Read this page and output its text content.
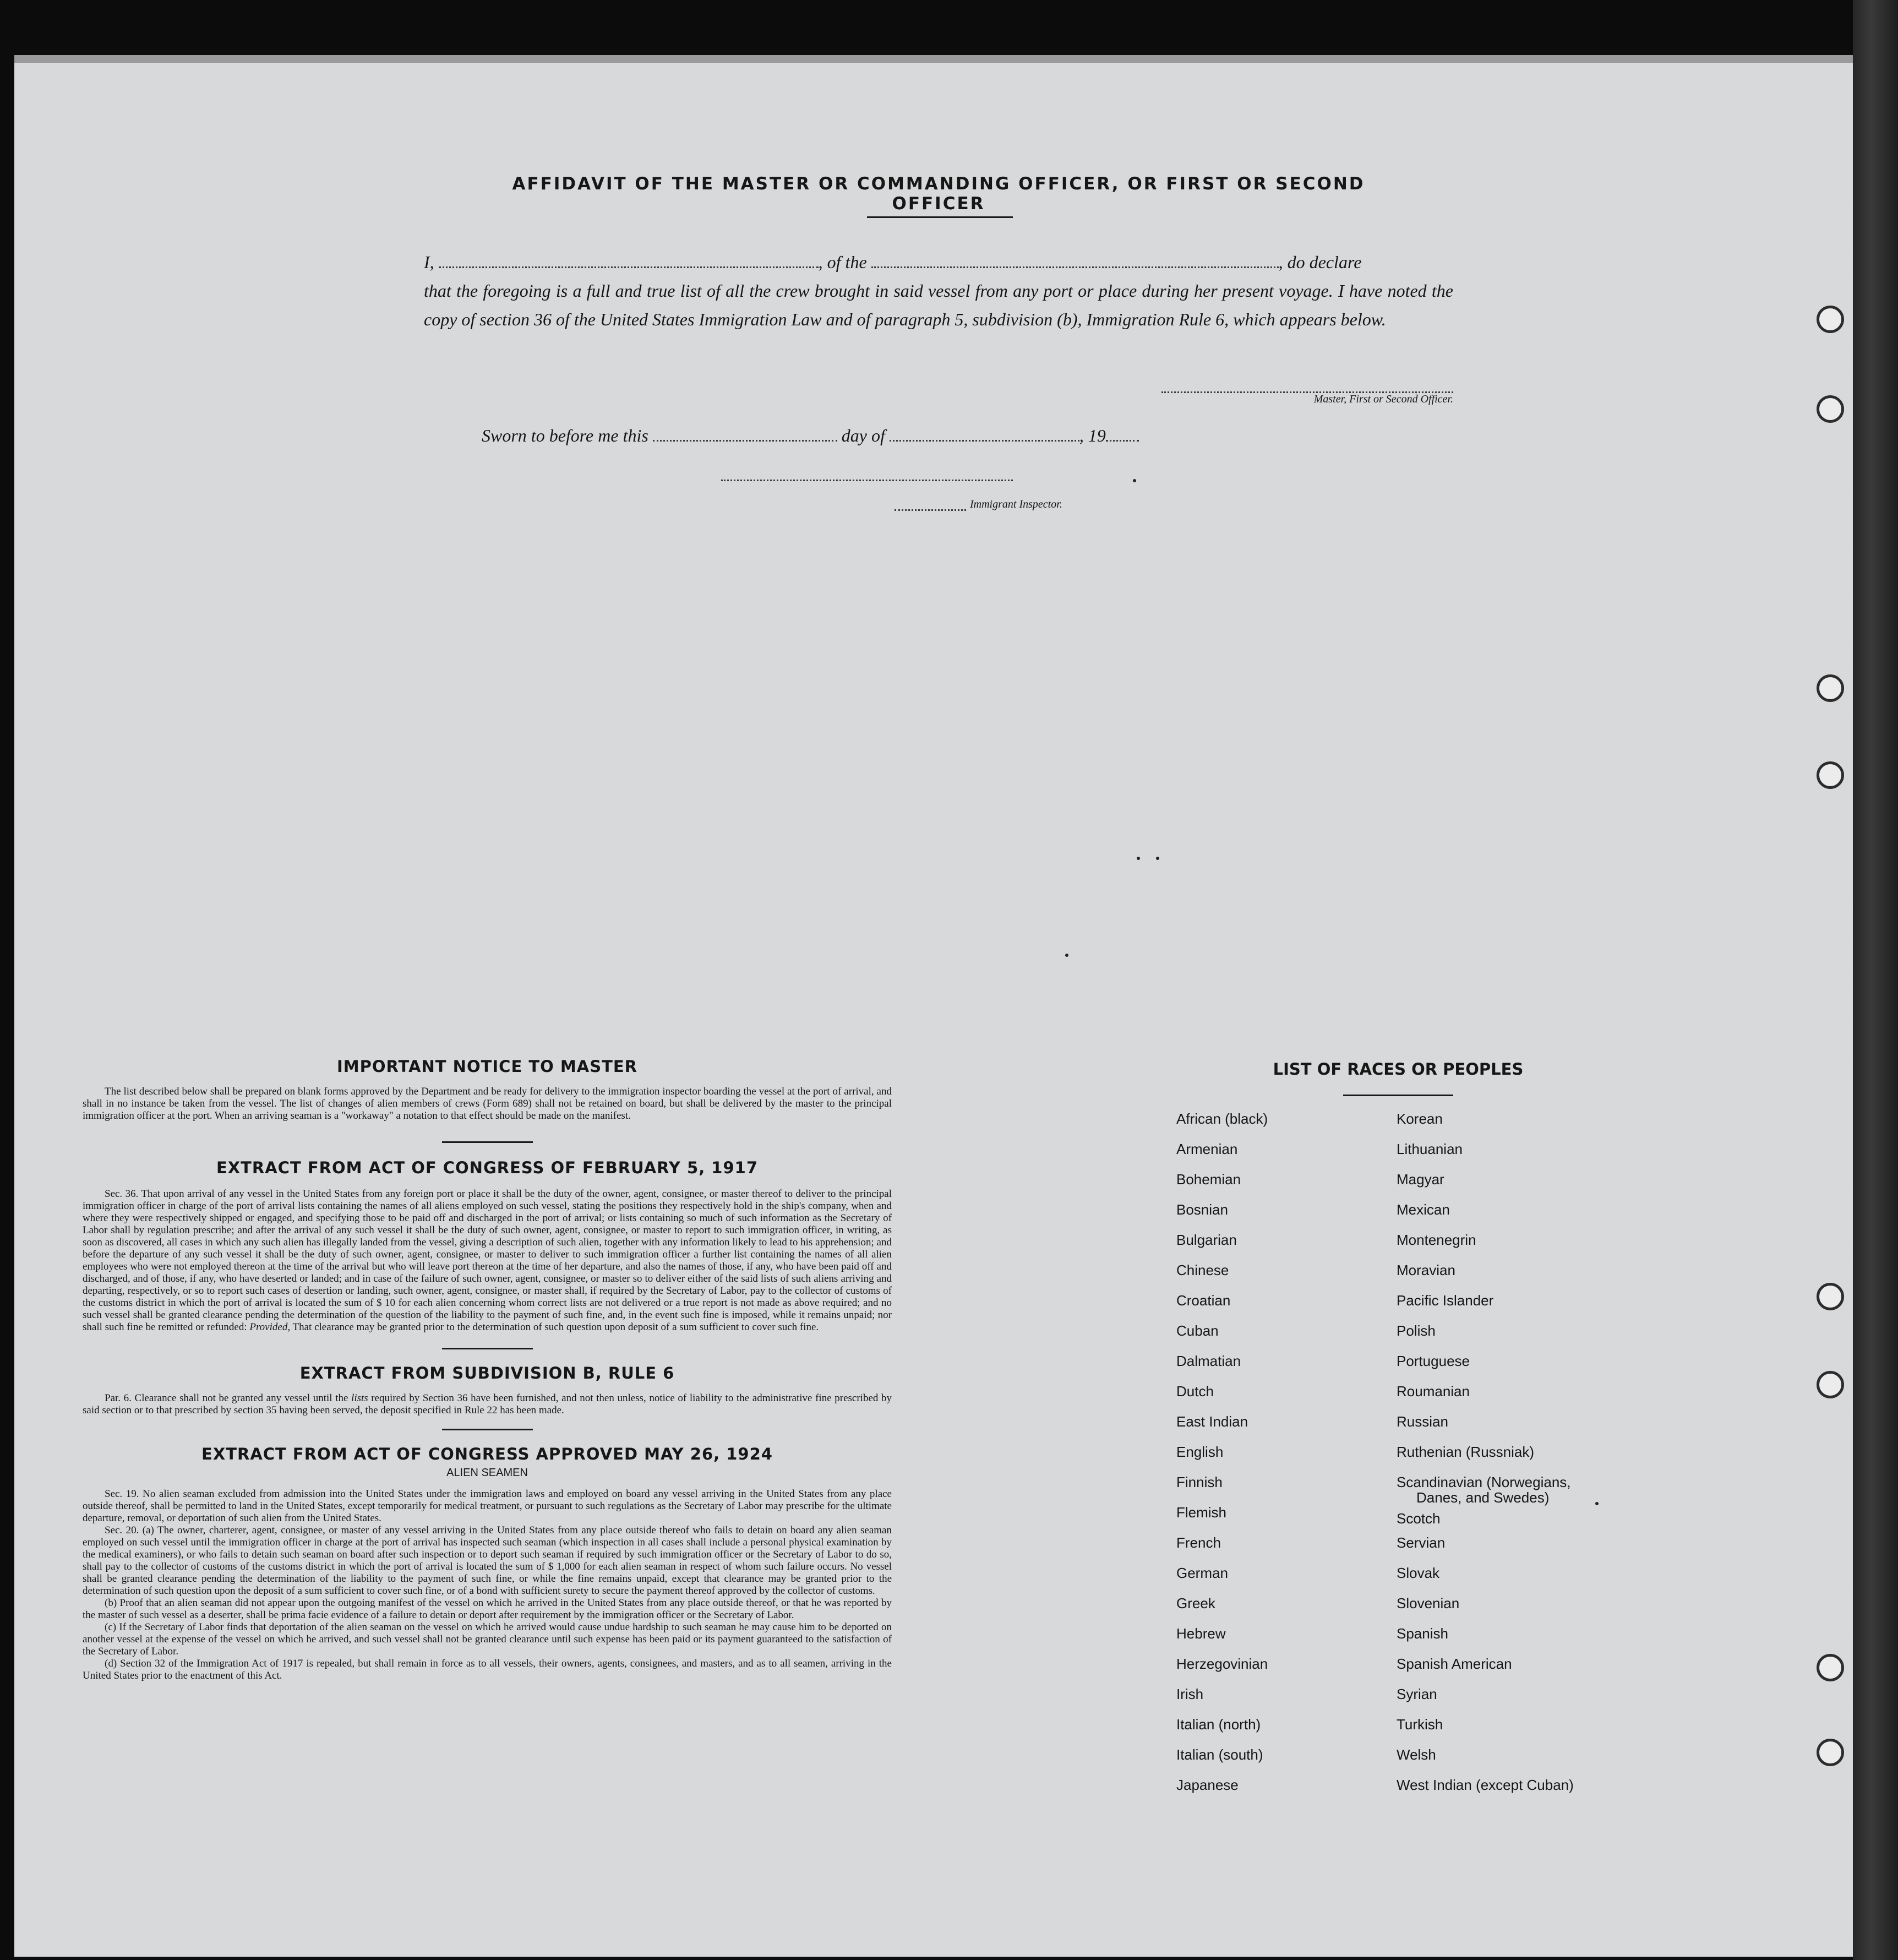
AFFIDAVIT OF THE MASTER OR COMMANDING OFFICER, OR FIRST OR SECOND OFFICER
I,	, of the	, do declare
that the foregoing is a full and true list of all the crew brought in said vessel from any port or place during her present voyage. I have noted the copy of section 36 of the United States Immigration Law and of paragraph 5, subdivision (b), Immigration Rule 6, which appears below.
Master, First or Second Officer.
Sworn to before me this	day of	, 19
Immigrant Inspector.
IMPORTANT NOTICE TO MASTER

The list described below shall be prepared on blank forms approved by the Department and be ready for delivery to the immigration inspector boarding the vessel at the port of arrival, and shall in no instance be taken from the vessel. The list of changes of alien members of crews (Form 689) shall not be retained on board, but shall be delivered by the master to the principal immigration officer at the port. When an arriving seaman is a "workaway" a notation to that effect should be made on the manifest.

EXTRACT FROM ACT OF CONGRESS OF FEBRUARY 5, 1917

Sec. 36. That upon arrival of any vessel in the United States from any foreign port or place it shall be the duty of the owner, agent, consignee, or master thereof to deliver to the principal immigration officer in charge of the port of arrival lists containing the names of all aliens employed on such vessel, stating the positions they respectively hold in the ship's company, when and where they were respectively shipped or engaged, and specifying those to be paid off and discharged in the port of arrival; or lists containing so much of such information as the Secretary of Labor shall by regulation prescribe; and after the arrival of any such vessel it shall be the duty of such owner, agent, consignee, or master to report to such immigration officer, in writing, as soon as discovered, all cases in which any such alien has illegally landed from the vessel, giving a description of such alien, together with any information likely to lead to his apprehension; and before the departure of any such vessel it shall be the duty of such owner, agent, consignee, or master to deliver to such immigration officer a further list containing the names of all alien employees who were not employed thereon at the time of the arrival but who will leave port thereon at the time of her departure, and also the names of those, if any, who have been paid off and discharged, and of those, if any, who have deserted or landed; and in case of the failure of such owner, agent, consignee, or master so to deliver either of the said lists of such aliens arriving and departing, respectively, or so to report such cases of desertion or landing, such owner, agent, consignee, or master shall, if required by the Secretary of Labor, pay to the collector of customs of the customs district in which the port of arrival is located the sum of $ 10 for each alien concerning whom correct lists are not delivered or a true report is not made as above required; and no such vessel shall be granted clearance pending the determination of the question of the liability to the payment of such fine, and, in the event such fine is imposed, while it remains unpaid; nor shall such fine be remitted or refunded: Provided, That clearance may be granted prior to the determination of such question upon deposit of a sum sufficient to cover such fine.

EXTRACT FROM SUBDIVISION B, RULE 6

Par. 6. Clearance shall not be granted any vessel until the lists required by Section 36 have been furnished, and not then unless, notice of liability to the administrative fine prescribed by said section or to that prescribed by section 35 having been served, the deposit specified in Rule 22 has been made.

EXTRACT FROM ACT OF CONGRESS APPROVED MAY 26, 1924
ALIEN SEAMEN

Sec. 19. No alien seaman excluded from admission into the United States under the immigration laws and employed on board any vessel arriving in the United States from any place outside thereof, shall be permitted to land in the United States, except temporarily for medical treatment, or pursuant to such regulations as the Secretary of Labor may prescribe for the ultimate departure, removal, or deportation of such alien from the United States.

Sec. 20. (a) The owner, charterer, agent, consignee, or master of any vessel arriving in the United States from any place outside thereof who fails to detain on board any alien seaman employed on such vessel until the immigration officer in charge at the port of arrival has inspected such seaman (which inspection in all cases shall include a personal physical examination by the medical examiners), or who fails to detain such seaman on board after such inspection or to deport such seaman if required by such immigration officer or the Secretary of Labor to do so, shall pay to the collector of customs of the customs district in which the port of arrival is located the sum of $ 1,000 for each alien seaman in respect of whom such failure occurs. No vessel shall be granted clearance pending the determination of the liability to the payment of such fine, or while the fine remains unpaid, except that clearance may be granted prior to the determination of such question upon the deposit of a sum sufficient to cover such fine, or of a bond with sufficient surety to secure the payment thereof approved by the collector of customs.

(b) Proof that an alien seaman did not appear upon the outgoing manifest of the vessel on which he arrived in the United States from any place outside thereof, or that he was reported by the master of such vessel as a deserter, shall be prima facie evidence of a failure to detain or deport after requirement by the immigration officer or the Secretary of Labor.

(c) If the Secretary of Labor finds that deportation of the alien seaman on the vessel on which he arrived would cause undue hardship to such seaman he may cause him to be deported on another vessel at the expense of the vessel on which he arrived, and such vessel shall not be granted clearance until such expense has been paid or its payment guaranteed to the satisfaction of the Secretary of Labor.

(d) Section 32 of the Immigration Act of 1917 is repealed, but shall remain in force as to all vessels, their owners, agents, consignees, and masters, and as to all seamen, arriving in the United States prior to the enactment of this Act.

LIST OF RACES OR PEOPLES
African (black)
Armenian
Bohemian
Bosnian
Bulgarian
Chinese
Croatian
Cuban
Dalmatian
Dutch
East Indian
English
Finnish
Flemish
French
German
Greek
Hebrew
Herzegovinian
Irish
Italian (north)
Italian (south)
Japanese
Korean
Lithuanian
Magyar
Mexican
Montenegrin
Moravian
Pacific Islander
Polish
Portuguese
Roumanian
Russian
Ruthenian (Russniak)
Scandinavian (Norwegians,
Danes, and Swedes)
Scotch
Servian
Slovak
Slovenian
Spanish
Spanish American
Syrian
Turkish
Welsh
West Indian (except Cuban)
